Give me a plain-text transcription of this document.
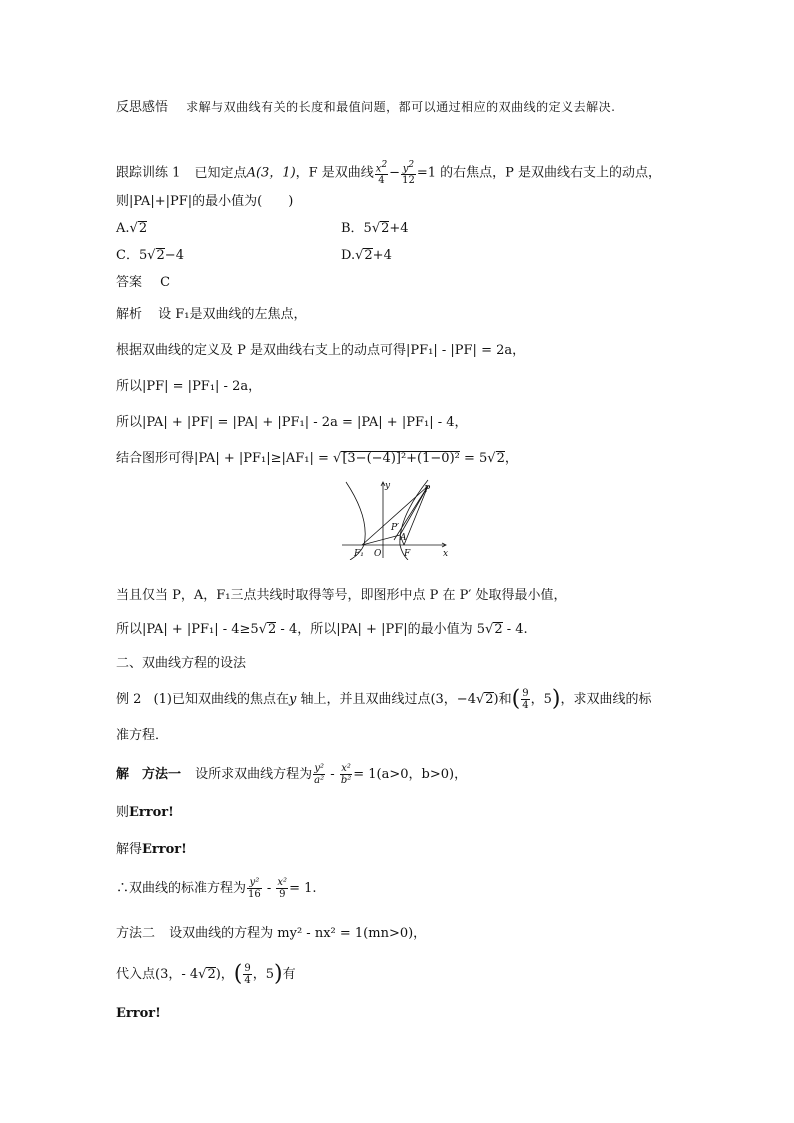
反思感悟 求解与双曲线有关的长度和最值问题，都可以通过相应的双曲线的定义去解决.
跟踪训练 1 已知定点A(3，1)，F 是双曲线 $\frac{x^2}{4} - \frac{y^2}{12} =1$ 的右焦点，P 是双曲线右支上的动点，
则|PA|+|PF|的最小值为(　　)
A.√2	B．5√2+4
C．5√2−4	D.√2+4
答案 C
解析 设 F₁是双曲线的左焦点，
根据双曲线的定义及 P 是双曲线右支上的动点可得|PF₁| - |PF| = 2a，
所以|PF| = |PF₁| - 2a，
所以|PA| + |PF| = |PA| + |PF₁| - 2a = |PA| + |PF₁| - 4，
结合图形可得|PA| + |PF₁|≥|AF₁| = √[3−(−4)]²+(1−0)² = 5√2，
y
x
P
P′
A
F₁ O	F
当且仅当 P，A，F₁三点共线时取得等号，即图形中点 P 在 P′ 处取得最小值，
所以|PA| + |PF₁| - 4≥5√2 - 4，所以|PA| + |PF|的最小值为 5√2 - 4.
二、双曲线方程的设法
例 2 (1)已知双曲线的焦点在y 轴上，并且双曲线过点(3，−4√2)和( $\frac{9}{4}$ ，5)，求双曲线的标
准方程．
解　方法一 设所求双曲线方程为 $\frac{\text{y²}}{\text{a²}} - \frac{\text{x²}}{\text{b²}} = 1(a>0$，b>0)，
则Error!
解得Error!
∴双曲线的标准方程为 $\frac{\text{y²}}{16} - \frac{\text{x²}}{9} = 1$.
方法二 设双曲线的方程为 my² - nx² = 1(mn>0)，
代入点(3，- 4√2)，( $\frac{9}{4}$ ，5)有
Error!
